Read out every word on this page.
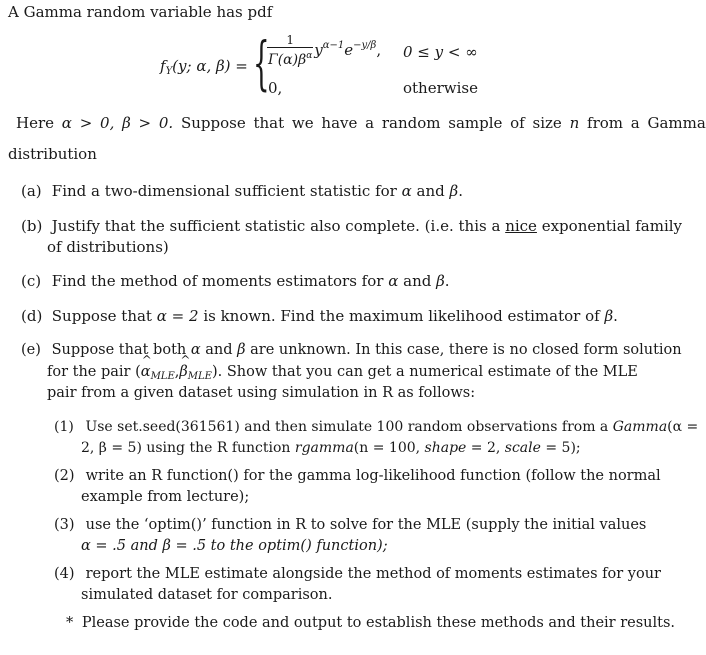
A Gamma random variable has pdf
$f_Y(y$; α, β) = {
$\frac{1}{\Gamma(\alpha)\beta^\alpha} y^{\alpha-1}e^{-y/\beta}$, 0 ≤ y < ∞
0,	otherwise
Here α > 0, β > 0. Suppose that we have a random sample of size n from a Gamma
distribution
(a) Find a two-dimensional sufficient statistic for α and β.
(b) Justify that the sufficient statistic also complete. (i.e. this a nice exponential family
of distributions)
(c) Find the method of moments estimators for α and β.
(d) Suppose that α = 2 is known. Find the maximum likelihood estimator of β.
(e) Suppose that both α and β are unknown. In this case, there is no closed form solution
for the pair (^ $\alpha_{MLE},\^{}$ $\beta_{MLE}$). Show that you can get a numerical estimate of the MLE
pair from a given dataset using simulation in R as follows:
(1) Use set.seed(361561) and then simulate 100 random observations from a Gamma(α =
2, β = 5) using the R function rgamma(n = 100, shape = 2, scale = 5);
(2) write an R function() for the gamma log-likelihood function (follow the normal
example from lecture);
(3) use the ‘optim()’ function in R to solve for the MLE (supply the initial values
α = .5 and β = .5 to the optim() function);
(4) report the MLE estimate alongside the method of moments estimates for your
simulated dataset for comparison.
* Please provide the code and output to establish these methods and their results.
